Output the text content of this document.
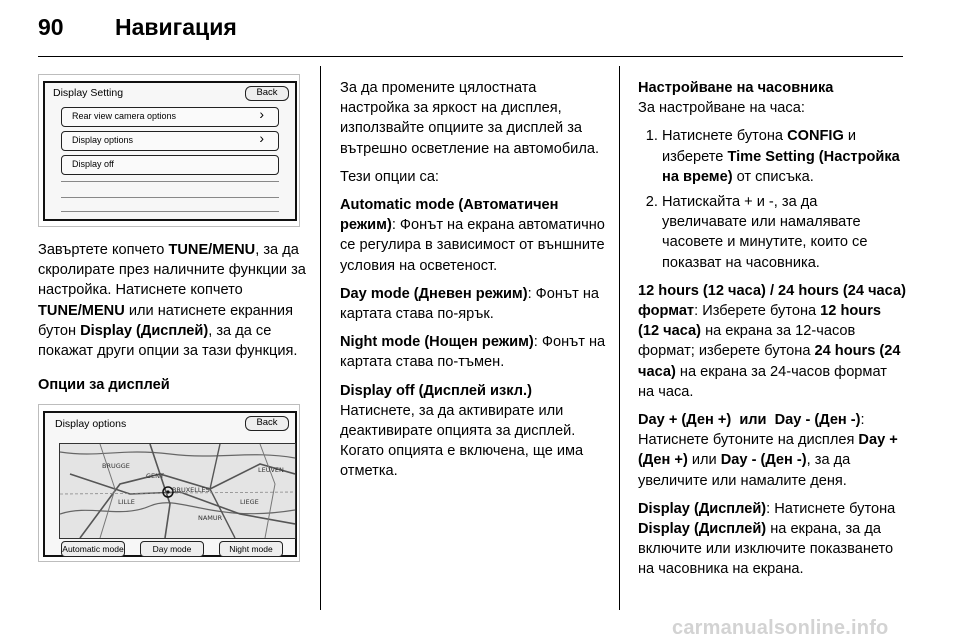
90 Навигация
Display Setting	Back
Rear view camera options	›
Display options	›
Display off

Завъртете копчето TUNE/MENU, за да скролирате през наличните функции за настройка. Натиснете копчето TUNE/MENU или натиснете екранния бутон Display (Дисплей), за да се покажат други опции за тази функция.

Опции за дисплей

Display options	Back
BRUGGE
GENT
BRUXELLES
LILLE	LIEGE
NAMUR
LEUVEN
Automatic mode	Day mode	Night mode

За да промените цялостната настройка за яркост на дисплея, използвайте опциите за дисплей за вътрешно осветление на автомобила.

Тези опции са:

Automatic mode (Автоматичен режим): Фонът на екрана автоматично се регулира в зависимост от външните условия на осветеност.

Day mode (Дневен режим): Фонът на картата става по-ярък.

Night mode (Нощен режим): Фонът на картата става по-тъмен.

Display off (Дисплей изкл.)
Натиснете, за да активирате или деактивирате опцията за дисплей. Когато опцията е включена, ще има отметка.

Настройване на часовника

За настройване на часа:

1. Натиснете бутона CONFIG и изберете Time Setting (Настройка на време) от списъка.
2. Натискайта + и -, за да увеличавате или намалявате часовете и минутите, които се показват на часовника.

12 hours (12 часа) / 24 hours (24 часа) формат: Изберете бутона 12 hours (12 часа) на екрана за 12-часов формат; изберете бутона 24 hours (24 часа) на екрана за 24-часов формат на часа.

Day + (Ден +)  или  Day - (Ден -): Натиснете бутоните на дисплея Day + (Ден +) или Day - (Ден -), за да увеличите или намалите деня.

Display (Дисплей): Натиснете бутона Display (Дисплей) на екрана, за да включите или изключите показването на часовника на екрана.

carmanualsonline.info
